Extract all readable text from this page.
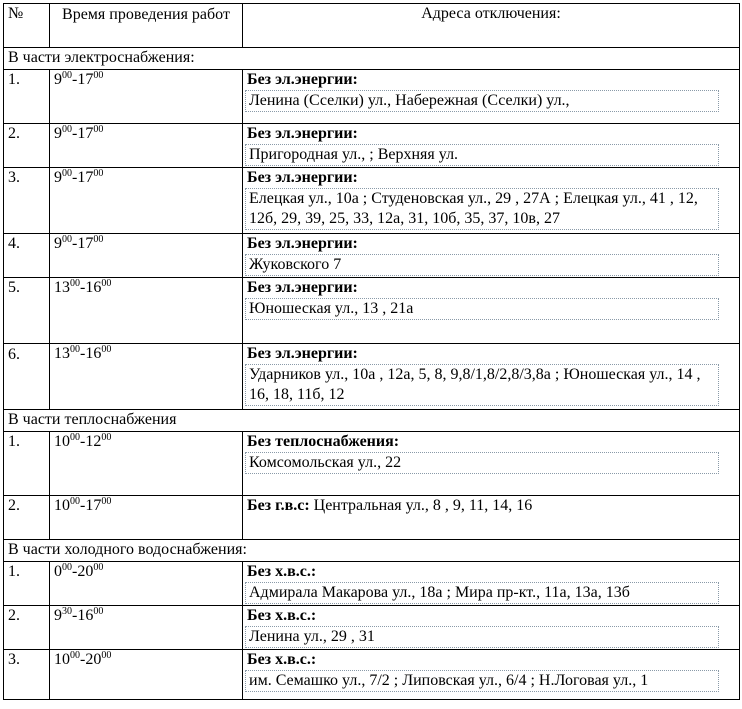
№	Время проведения работ	Адреса отключения:
В части электроснабжения:		
1.	$9^{00}-17^{00}$	Без эл.энергии:
Ленина (Сселки) ул., Набережная (Сселки) ул.,
2.	$9^{00}-17^{00}$	Без эл.энергии:
Пригородная ул., ; Верхняя ул.
3.	$9^{00}-17^{00}$	Без эл.энергии:
Елецкая ул., 10а ; Студеновская ул., 29 , 27А ; Елецкая ул., 41 , 12, 12б, 29, 39, 25, 33, 12а, 31, 10б, 35, 37, 10в, 27
4.	$9^{00}-17^{00}$	Без эл.энергии:
Жуковского 7
5.	$13^{00}-16^{00}$	Без эл.энергии:
Юношеская ул., 13 , 21а
6.	$13^{00}-16^{00}$	Без эл.энергии:
Ударников ул., 10а , 12а, 5, 8, 9,8/1,8/2,8/3,8а ; Юношеская ул., 14 , 16, 18, 11б, 12
В части теплоснабжения		
1.	$10^{00}-12^{00}$	Без теплоснабжения:
Комсомольская ул., 22
2.	$10^{00}-17^{00}$	Без г.в.с: Центральная ул., 8 , 9, 11, 14, 16
В части холодного водоснабжения:		
1.	$0^{00}-20^{00}$	Без х.в.с.:
Адмирала Макарова ул., 18а ; Мира пр-кт., 11а, 13а, 13б
2.	$9^{30}-16^{00}$	Без х.в.с.:
Ленина ул., 29 , 31
3.	$10^{00}-20^{00}$	Без х.в.с.:
им. Семашко ул., 7/2 ; Липовская ул., 6/4 ; Н.Логовая ул., 1
